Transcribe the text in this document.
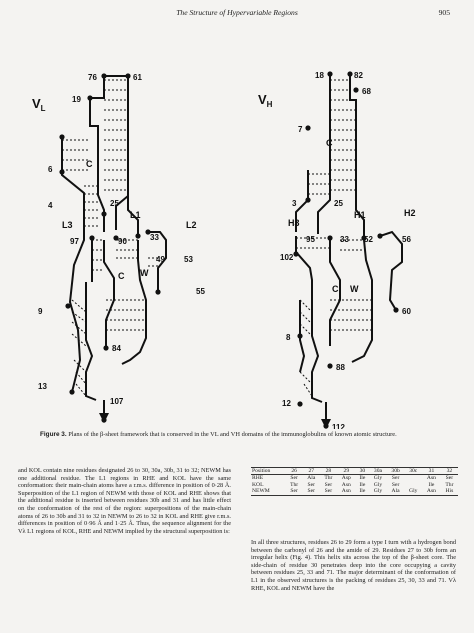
The Structure of Hypervariable Regions	905
$V_L$
76	61
19
6
4	25
L1
L2
L3
97	90	33
49 53
55
9
84
13
107
C
C W
$V_H$
18	82
68
7
3	25
H1	H2
H3
95	33 52	56
102
60
8
88
12
112
C
C W
Figure 3. Plans of the β-sheet framework that is conserved in the VL and VH domains of the immunoglobulins of known atomic structure.
and KOL contain nine residues designated 26 to 30, 30a, 30b, 31 to 32; NEWM has one additional residue. The L1 regions in RHE and KOL have the same conformation: their main-chain atoms have a r.m.s. difference in position of 0·28 Å. Superposition of the L1 region of NEWM with those of KOL and RHE shows that the additional residue is inserted between residues 30b and 31 and has little effect on the conformation of the rest of the region: superpositions of the main-chain atoms of 26 to 30b and 31 to 32 in NEWM to 26 to 32 in KOL and RHE give r.m.s. differences in position of 0·96 Å and 1·25 Å. Thus, the sequence alignment for the Vλ L1 regions of KOL, RHE and NEWM implied by the structural superposition is:
Position	26	27	28	29	30	30a	30b	30c	31	32
RHE	Ser	Ala	Thr	Asp	Ile	Gly	Ser		Asn	Ser
KOL	Thr	Ser	Ser	Asn	Ile	Gly	Ser		Ile	Thr
NEWM	Ser	Ser	Ser	Asn	Ile	Gly	Ala	Gly	Asn	His
In all three structures, residues 26 to 29 form a type I turn with a hydrogen bond between the carbonyl of 26 and the amide of 29. Residues 27 to 30b form an irregular helix (Fig. 4). This helix sits across the top of the β-sheet core. The side-chain of residue 30 penetrates deep into the core occupying a cavity between residues 25, 33 and 71. The major determinant of the conformation of L1 in the observed structures is the packing of residues 25, 30, 33 and 71. Vλ RHE, KOL and NEWM have the
